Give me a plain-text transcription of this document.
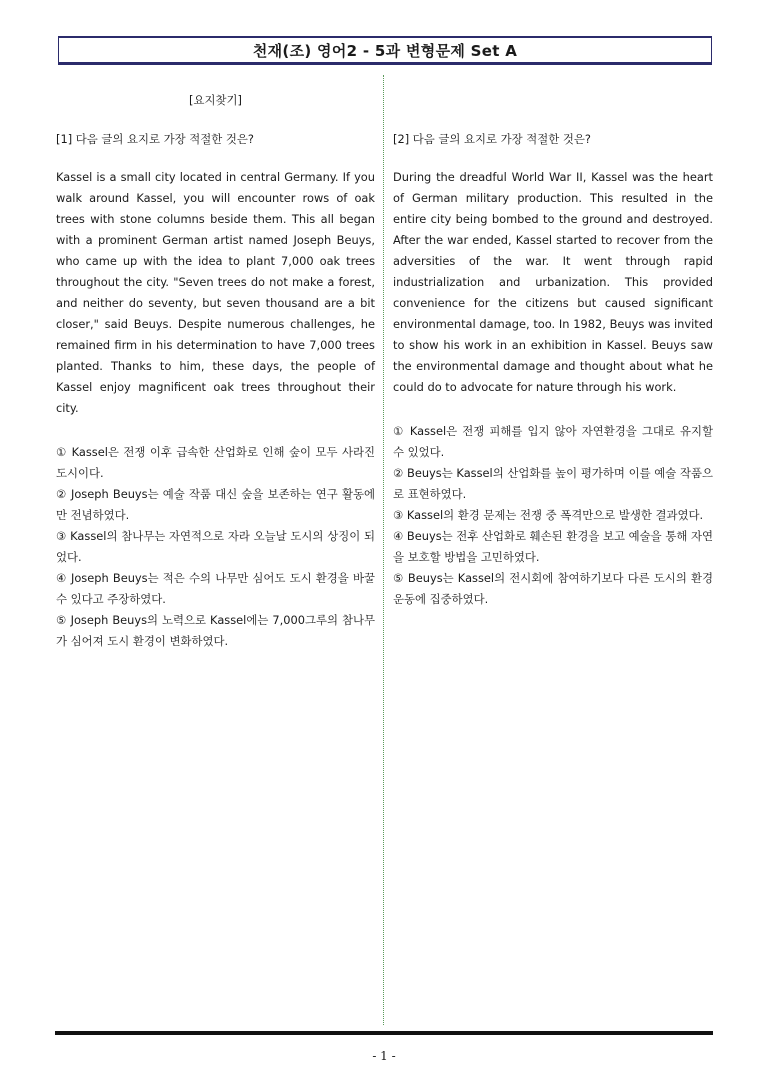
천재(조) 영어2 - 5과 변형문제 Set A

[요지찾기]

[1] 다음 글의 요지로 가장 적절한 것은?

Kassel is a small city located in central Germany. If you walk around Kassel, you will encounter rows of oak trees with stone columns beside them. This all began with a prominent German artist named Joseph Beuys, who came up with the idea to plant 7,000 oak trees throughout the city. "Seven trees do not make a forest, and neither do seventy, but seven thousand are a bit closer," said Beuys. Despite numerous challenges, he remained firm in his determination to have 7,000 trees planted. Thanks to him, these days, the people of Kassel enjoy magnificent oak trees throughout their city.

① Kassel은 전쟁 이후 급속한 산업화로 인해 숲이 모두 사라진 도시이다.

② Joseph Beuys는 예술 작품 대신 숲을 보존하는 연구 활동에만 전념하였다.

③ Kassel의 참나무는 자연적으로 자라 오늘날 도시의 상징이 되었다.

④ Joseph Beuys는 적은 수의 나무만 심어도 도시 환경을 바꿀 수 있다고 주장하였다.

⑤ Joseph Beuys의 노력으로 Kassel에는 7,000그루의 참나무가 심어져 도시 환경이 변화하였다.

[2] 다음 글의 요지로 가장 적절한 것은?

During the dreadful World War II, Kassel was the heart of German military production. This resulted in the entire city being bombed to the ground and destroyed. After the war ended, Kassel started to recover from the adversities of the war. It went through rapid industrialization and urbanization. This provided convenience for the citizens but caused significant environmental damage, too. In 1982, Beuys was invited to show his work in an exhibition in Kassel. Beuys saw the environmental damage and thought about what he could do to advocate for nature through his work.

① Kassel은 전쟁 피해를 입지 않아 자연환경을 그대로 유지할 수 있었다.

② Beuys는 Kassel의 산업화를 높이 평가하며 이를 예술 작품으로 표현하였다.

③ Kassel의 환경 문제는 전쟁 중 폭격만으로 발생한 결과였다.

④ Beuys는 전후 산업화로 훼손된 환경을 보고 예술을 통해 자연을 보호할 방법을 고민하였다.

⑤ Beuys는 Kassel의 전시회에 참여하기보다 다른 도시의 환경 운동에 집중하였다.

- 1 -
